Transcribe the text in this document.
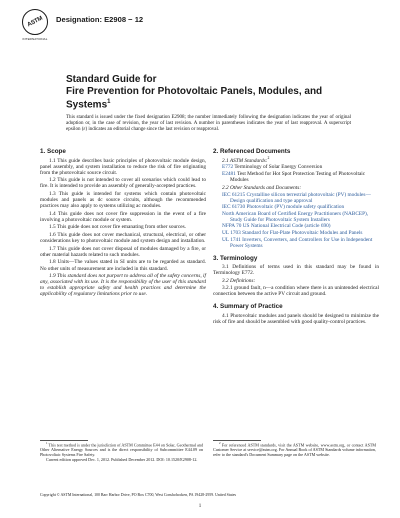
ASTM
INTERNATIONAL
Designation: E2908 − 12
Standard Guide for
Fire Prevention for Photovoltaic Panels, Modules, and
Systems$^1$
This standard is issued under the fixed designation E2908; the number immediately following the designation indicates the year of original adoption or, in the case of revision, the year of last revision. A number in parentheses indicates the year of last reapproval. A superscript epsilon (ε) indicates an editorial change since the last revision or reapproval.
1. Scope
1.1 This guide describes basic principles of photovoltaic module design, panel assembly, and system installation to reduce the risk of fire originating from the photovoltaic source circuit.
1.2 This guide is not intended to cover all scenarios which could lead to fire. It is intended to provide an assembly of generally-accepted practices.
1.3 This guide is intended for systems which contain photovoltaic modules and panels as dc source circuits, although the recommended practices may also apply to systems utilizing ac modules.
1.4 This guide does not cover fire suppression in the event of a fire involving a photovoltaic module or system.
1.5 This guide does not cover fire emanating from other sources.
1.6 This guide does not cover mechanical, structural, electrical, or other considerations key to photovoltaic module and system design and installation.
1.7 This guide does not cover disposal of modules damaged by a fire, or other material hazards related to such modules.
1.8 Units—The values stated in SI units are to be regarded as standard. No other units of measurement are included in this standard.
1.9 This standard does not purport to address all of the safety concerns, if any, associated with its use. It is the responsibility of the user of this standard to establish appropriate safety and health practices and determine the applicability of regulatory limitations prior to use.
2. Referenced Documents
2.1 ASTM Standards:$^2$
E772 Terminology of Solar Energy Conversion
E2481 Test Method for Hot Spot Protection Testing of Photovoltaic Modules
2.2 Other Standards and Documents:
IEC 61215 Crystalline silicon terrestrial photovoltaic (PV) modules—Design qualification and type approval
IEC 61730 Photovoltaic (PV) module safety qualification
North American Board of Certified Energy Practitioners (NABCEP), Study Guide for Photovoltaic System Installers
NFPA 70 US National Electrical Code (article 690)
UL 1703 Standard for Flat-Plate Photovoltaic Modules and Panels
UL 1741 Inverters, Converters, and Controllers for Use in Independent Power Systems
3. Terminology
3.1 Definitions of terms used in this standard may be found in Terminology E772.
3.2 Definitions:
3.2.1 ground fault, n—a condition where there is an unintended electrical connection between the active PV circuit and ground.
4. Summary of Practice
4.1 Photovoltaic modules and panels should be designed to minimize the risk of fire and should be assembled with good quality-control practices.
$^1$ This test method is under the jurisdiction of ASTM Committee E44 on Solar, Geothermal and Other Alternative Energy Sources and is the direct responsibility of Subcommittee E44.09 on Photovoltaic Systems Fire Safety.
Current edition approved Dec. 1, 2012. Published December 2012. DOI: 10.1520/E2908-12.
$^2$ For referenced ASTM standards, visit the ASTM website, www.astm.org, or contact ASTM Customer Service at service@astm.org. For Annual Book of ASTM Standards volume information, refer to the standard's Document Summary page on the ASTM website.
Copyright © ASTM International, 100 Barr Harbor Drive, PO Box C700, West Conshohocken, PA 19428-2959. United States
1
